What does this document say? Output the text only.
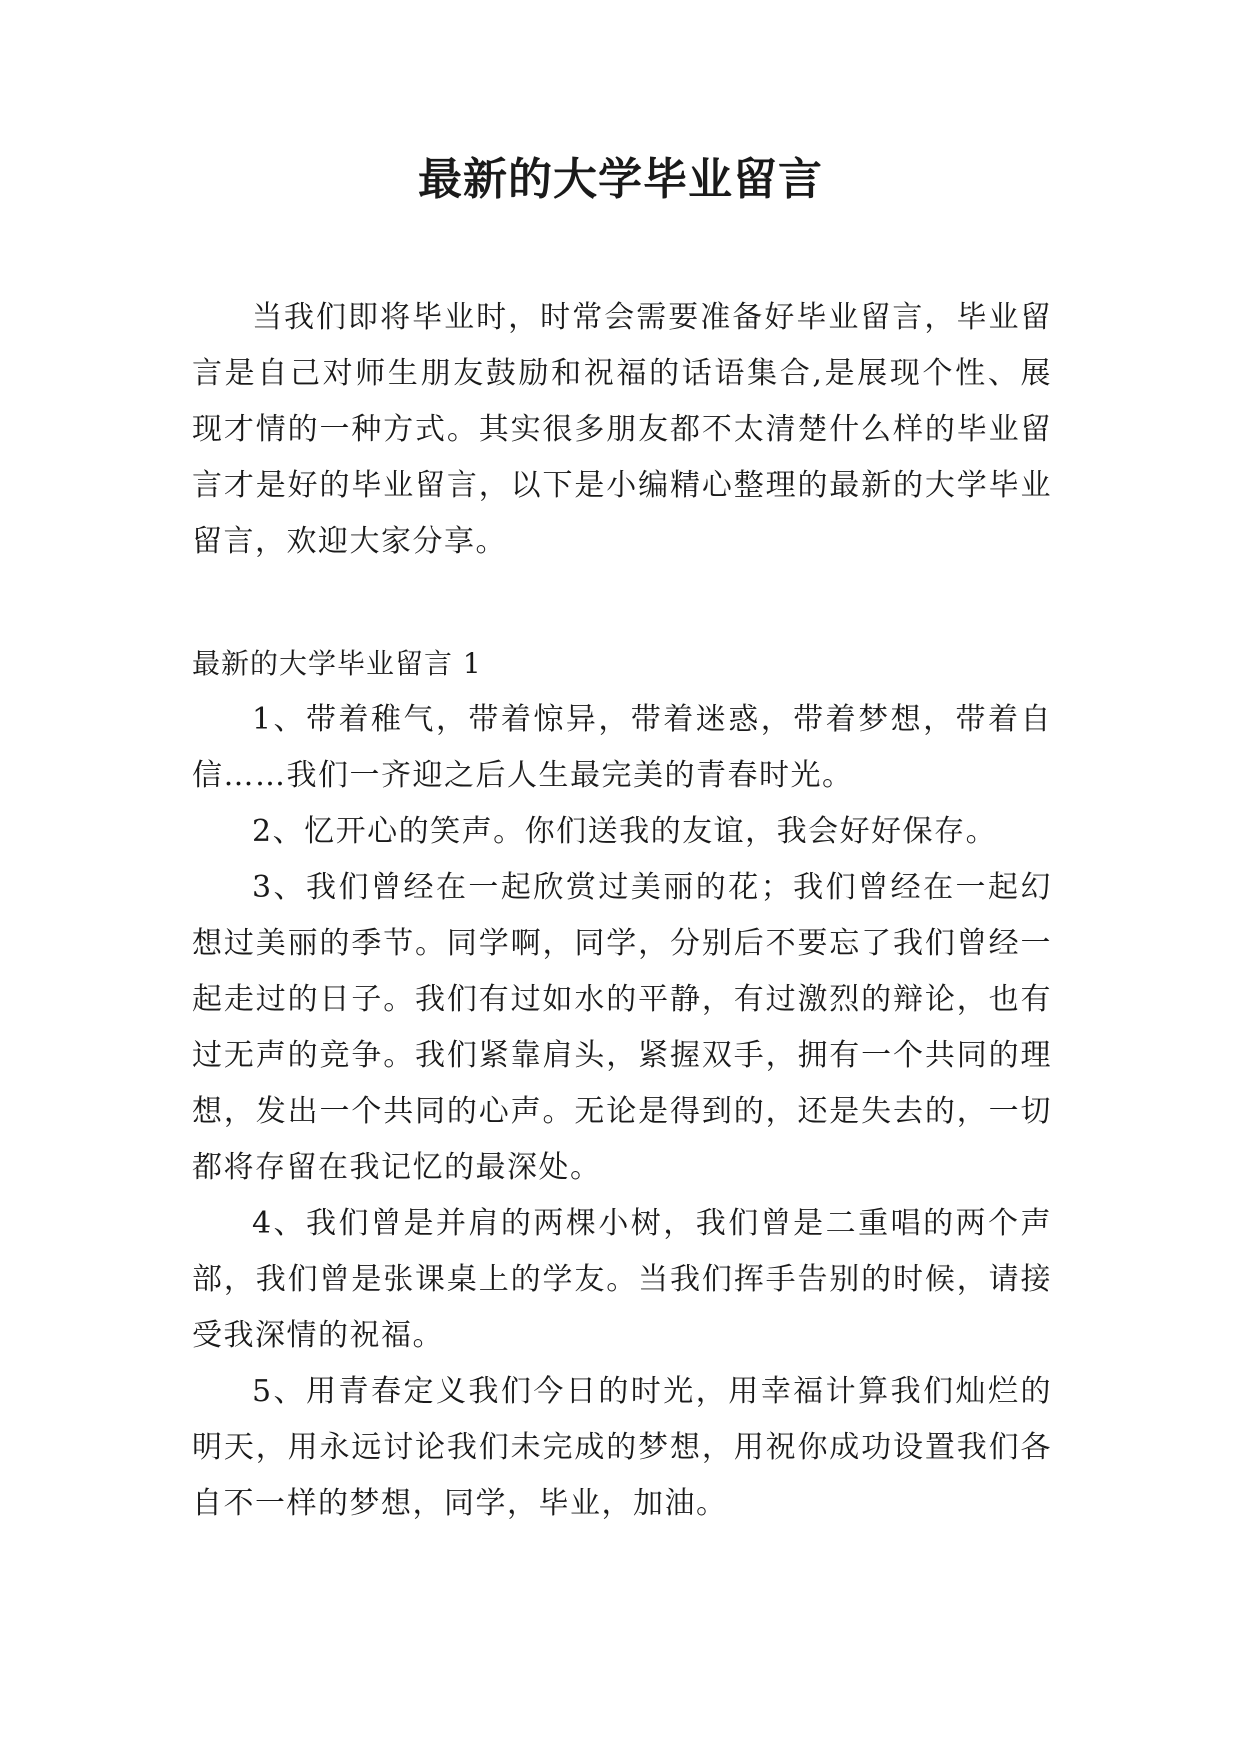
最新的大学毕业留言

当我们即将毕业时，时常会需要准备好毕业留言，毕业留言是自己对师生朋友鼓励和祝福的话语集合,是展现个性、展现才情的一种方式。其实很多朋友都不太清楚什么样的毕业留言才是好的毕业留言，以下是小编精心整理的最新的大学毕业留言，欢迎大家分享。

最新的大学毕业留言 1

1、带着稚气，带着惊异，带着迷惑，带着梦想，带着自信……我们一齐迎之后人生最完美的青春时光。

2、忆开心的笑声。你们送我的友谊，我会好好保存。

3、我们曾经在一起欣赏过美丽的花；我们曾经在一起幻想过美丽的季节。同学啊，同学，分别后不要忘了我们曾经一起走过的日子。我们有过如水的平静，有过激烈的辩论，也有过无声的竞争。我们紧靠肩头，紧握双手，拥有一个共同的理想，发出一个共同的心声。无论是得到的，还是失去的，一切都将存留在我记忆的最深处。

4、我们曾是并肩的两棵小树，我们曾是二重唱的两个声部，我们曾是张课桌上的学友。当我们挥手告别的时候，请接受我深情的祝福。

5、用青春定义我们今日的时光，用幸福计算我们灿烂的明天，用永远讨论我们未完成的梦想，用祝你成功设置我们各自不一样的梦想，同学，毕业，加油。
